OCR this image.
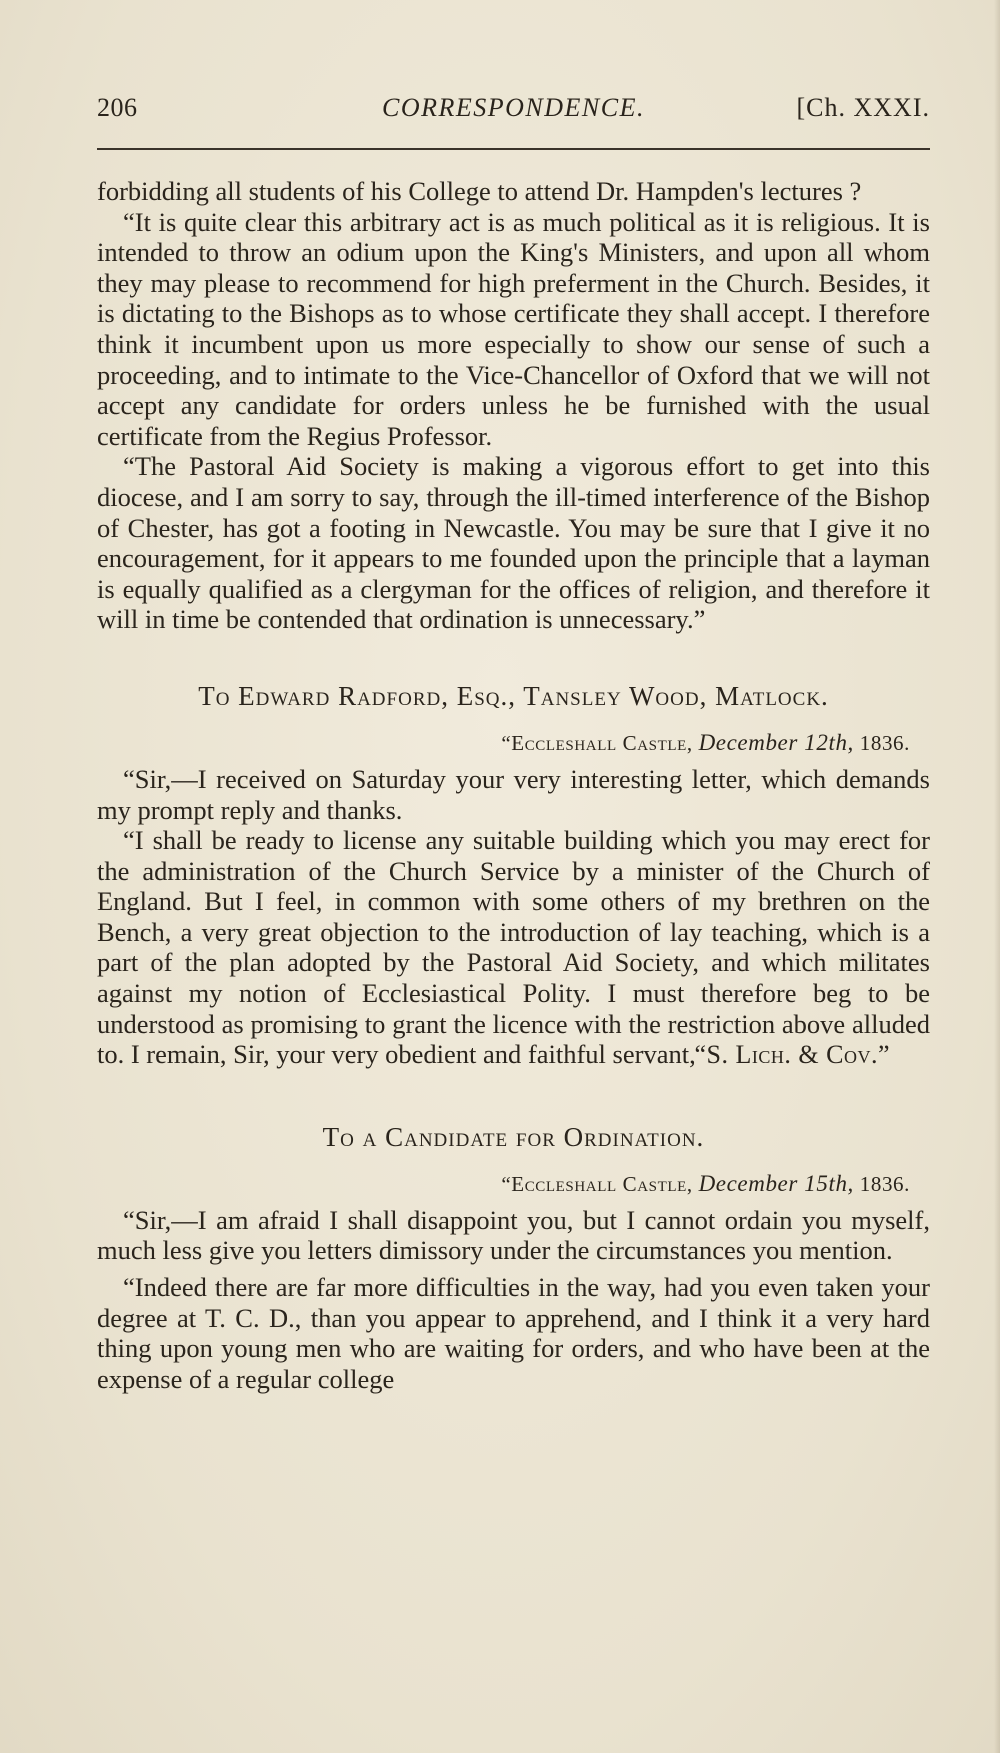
206	CORRESPONDENCE.	[Ch. XXXI.

forbidding all students of his College to attend Dr. Hampden's lectures ?

“It is quite clear this arbitrary act is as much political as it is religious. It is intended to throw an odium upon the King's Ministers, and upon all whom they may please to recommend for high preferment in the Church. Besides, it is dictating to the Bishops as to whose certificate they shall accept. I therefore think it incumbent upon us more especially to show our sense of such a proceeding, and to intimate to the Vice-Chancellor of Oxford that we will not accept any candidate for orders unless he be furnished with the usual certificate from the Regius Professor.

“The Pastoral Aid Society is making a vigorous effort to get into this diocese, and I am sorry to say, through the ill-timed interference of the Bishop of Chester, has got a footing in Newcastle. You may be sure that I give it no encouragement, for it appears to me founded upon the principle that a layman is equally qualified as a clergyman for the offices of religion, and therefore it will in time be contended that ordination is unnecessary.”

To Edward Radford, Esq., Tansley Wood, Matlock.

“Eccleshall Castle, December 12th, 1836.

“Sir,—I received on Saturday your very interesting letter, which demands my prompt reply and thanks.

“I shall be ready to license any suitable building which you may erect for the administration of the Church Service by a minister of the Church of England. But I feel, in common with some others of my brethren on the Bench, a very great objection to the introduction of lay teaching, which is a part of the plan adopted by the Pastoral Aid Society, and which militates against my notion of Ecclesiastical Polity. I must therefore beg to be understood as promising to grant the licence with the restriction above alluded to. I remain, Sir, your very obedient and faithful servant,

“S. Lich. & Cov.”

To a Candidate for Ordination.

“Eccleshall Castle, December 15th, 1836.

“Sir,—I am afraid I shall disappoint you, but I cannot ordain you myself, much less give you letters dimissory under the circumstances you mention.

“Indeed there are far more difficulties in the way, had you even taken your degree at T. C. D., than you appear to apprehend, and I think it a very hard thing upon young men who are waiting for orders, and who have been at the expense of a regular college
